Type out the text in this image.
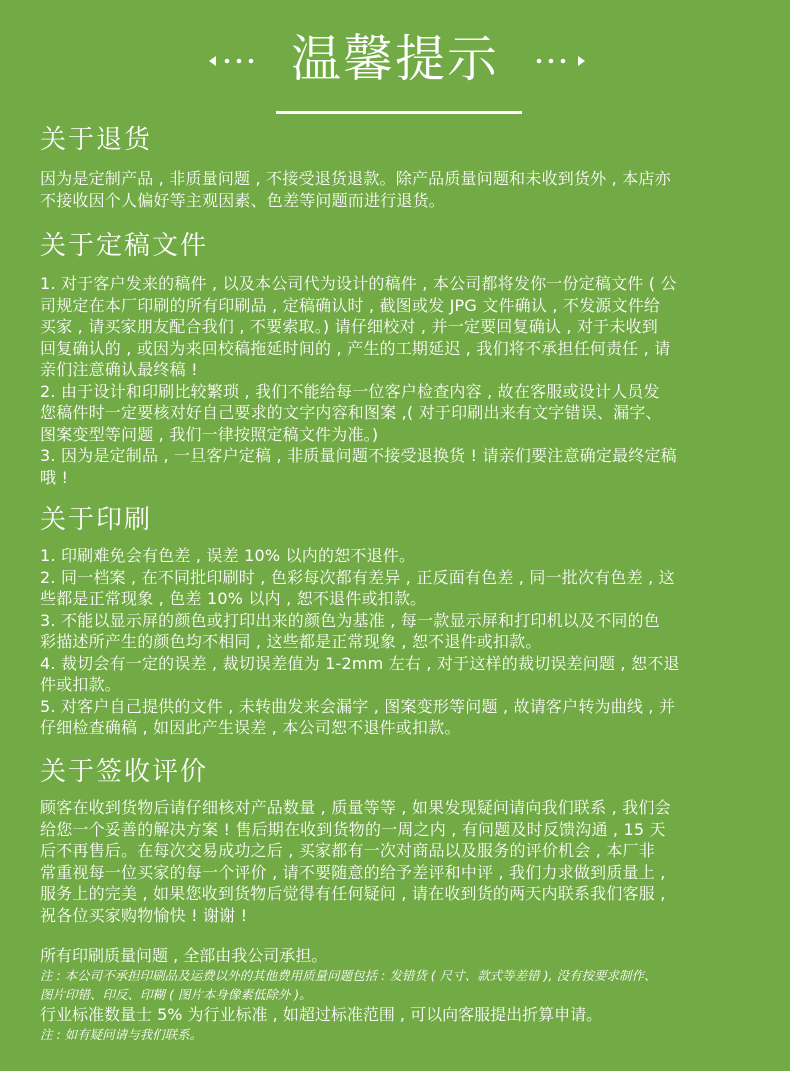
温馨提示
关于退货

因为是定制产品 , 非质量问题 , 不接受退货退款。除产品质量问题和未收到货外 , 本店亦

不接收因个人偏好等主观因素、色差等问题而进行退货。

关于定稿文件

1. 对于客户发来的稿件 , 以及本公司代为设计的稿件 , 本公司都将发你一份定稿文件 ( 公

司规定在本厂印刷的所有印刷品 , 定稿确认时 , 截图或发 JPG 文件确认 , 不发源文件给

买家 , 请买家朋友配合我们 , 不要索取。) 请仔细校对 , 并一定要回复确认 , 对于未收到

回复确认的 , 或因为来回校稿拖延时间的 , 产生的工期延迟 , 我们将不承担任何责任 , 请

亲们注意确认最终稿 !

2. 由于设计和印刷比较繁琐 , 我们不能给每一位客户检查内容 , 故在客服或设计人员发

您稿件时一定要核对好自己要求的文字内容和图案 ,( 对于印刷出来有文字错误、漏字、

图案变型等问题 , 我们一律按照定稿文件为准。)

3. 因为是定制品 , 一旦客户定稿 , 非质量问题不接受退换货 ! 请亲们要注意确定最终定稿

哦 !

关于印刷

1. 印刷难免会有色差 , 误差 10% 以内的恕不退件。

2. 同一档案 , 在不同批印刷时 , 色彩每次都有差异 , 正反面有色差 , 同一批次有色差 , 这

些都是正常现象 , 色差 10% 以内 , 恕不退件或扣款。

3. 不能以显示屏的颜色或打印出来的颜色为基准 , 每一款显示屏和打印机以及不同的色

彩描述所产生的颜色均不相同 , 这些都是正常现象 , 恕不退件或扣款。

4. 裁切会有一定的误差 , 裁切误差值为 1-2mm 左右 , 对于这样的裁切误差问题 , 恕不退

件或扣款。

5. 对客户自己提供的文件 , 未转曲发来会漏字 , 图案变形等问题 , 故请客户转为曲线 , 并

仔细检查确稿 , 如因此产生误差 , 本公司恕不退件或扣款。

关于签收评价

顾客在收到货物后请仔细核对产品数量 , 质量等等 , 如果发现疑问请向我们联系 , 我们会

给您一个妥善的解决方案 ! 售后期在收到货物的一周之内 , 有问题及时反馈沟通 , 15 天

后不再售后。在每次交易成功之后 , 买家都有一次对商品以及服务的评价机会 , 本厂非

常重视每一位买家的每一个评价 , 请不要随意的给予差评和中评 , 我们力求做到质量上 ,

服务上的完美 , 如果您收到货物后觉得有任何疑问 , 请在收到货的两天内联系我们客服 ,

祝各位买家购物愉快 ! 谢谢 !

所有印刷质量问题 , 全部由我公司承担。

注 : 本公司不承担印刷品及运费以外的其他费用质量问题包括 : 发错货 ( 尺寸、款式等差错 ), 没有按要求制作、

图片印错、印反、印糊 ( 图片本身像素低除外 )。

行业标准数量士 5% 为行业标准 , 如超过标准范围 , 可以向客服提出折算申请。

注 : 如有疑问请与我们联系。
